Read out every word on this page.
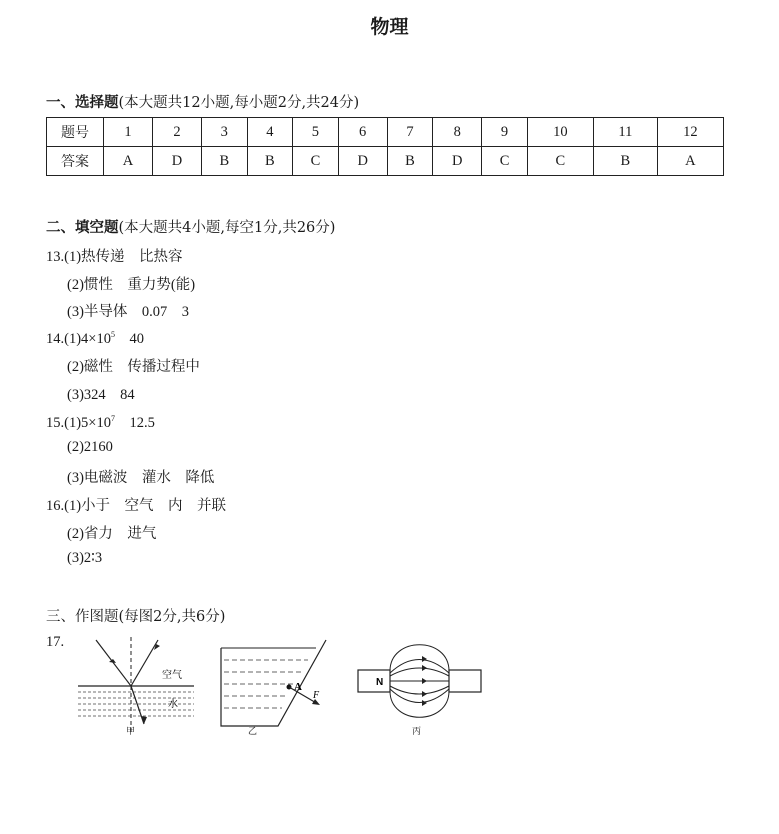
物理
一、选择题(本大题共12小题,每小题2分,共24分)
题号	1	2	3	4	5	6	7	8	9	10	11	12
答案	A	D	B	B	C	D	B	D	C	C	B	A
二、填空题(本大题共4小题,每空1分,共26分)
13.(1)热传递　比热容
(2)惯性　重力势(能)
(3)半导体　0.07　3
$14.(1)4\times 10^5$　40
(2)磁性　传播过程中
(3)324　84
$15.(1)5\times 10^7$　12.5
(2)2160
(3)电磁波　灌水　降低
16.(1)小于　空气　内　并联
(2)省力　进气
(3)2∶3
三、作图题(每图2分,共6分)
17.
空气
水
甲
A
F
乙
N
丙
